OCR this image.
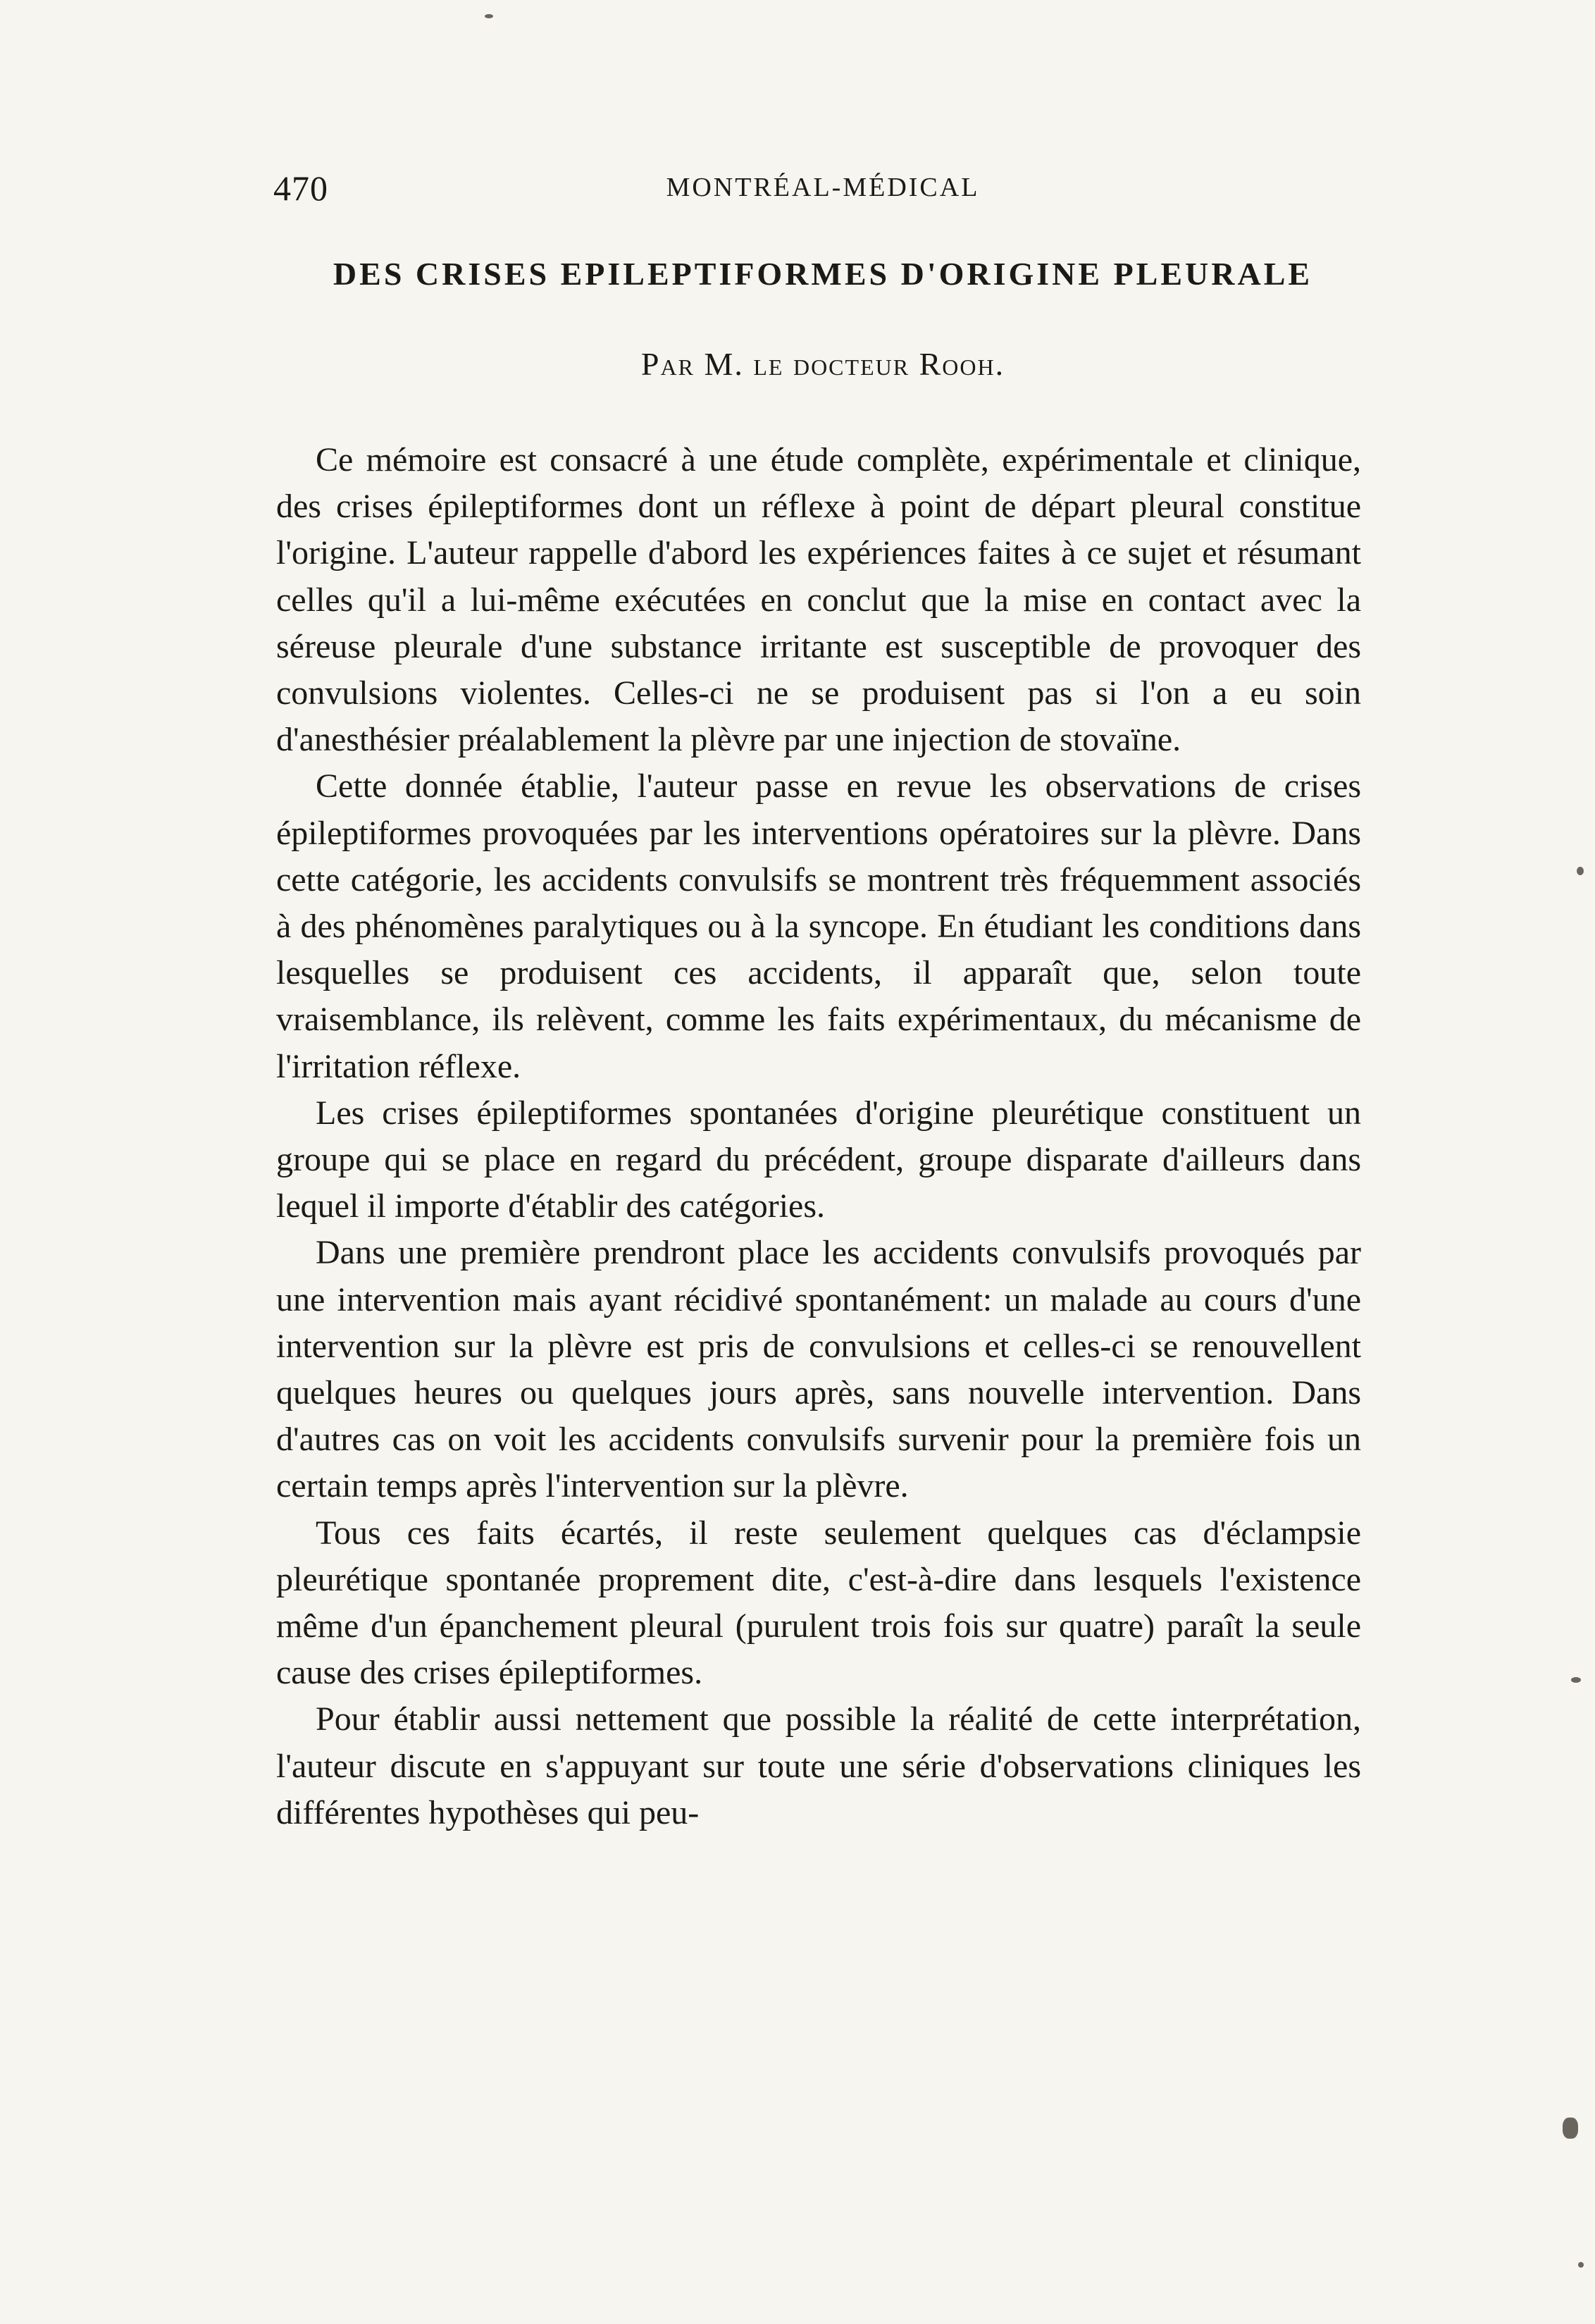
470	MONTRÉAL-MÉDICAL
DES CRISES EPILEPTIFORMES D'ORIGINE PLEURALE
Par M. le docteur Rooh.

Ce mémoire est consacré à une étude complète, expérimentale et clinique, des crises épileptiformes dont un réflexe à point de départ pleural constitue l'origine. L'auteur rappelle d'abord les expériences faites à ce sujet et résumant celles qu'il a lui-même exécutées en conclut que la mise en contact avec la séreuse pleurale d'une substance irritante est susceptible de provoquer des convulsions violentes. Celles-ci ne se produisent pas si l'on a eu soin d'anesthésier préalablement la plèvre par une injection de stovaïne.

Cette donnée établie, l'auteur passe en revue les observations de crises épileptiformes provoquées par les interventions opératoires sur la plèvre. Dans cette catégorie, les accidents convulsifs se montrent très fréquemment associés à des phénomènes paralytiques ou à la syncope. En étudiant les conditions dans lesquelles se produisent ces accidents, il apparaît que, selon toute vraisemblance, ils relèvent, comme les faits expérimentaux, du mécanisme de l'irritation réflexe.

Les crises épileptiformes spontanées d'origine pleurétique constituent un groupe qui se place en regard du précédent, groupe disparate d'ailleurs dans lequel il importe d'établir des catégories.

Dans une première prendront place les accidents convulsifs provoqués par une intervention mais ayant récidivé spontanément: un malade au cours d'une intervention sur la plèvre est pris de convulsions et celles-ci se renouvellent quelques heures ou quelques jours après, sans nouvelle intervention. Dans d'autres cas on voit les accidents convulsifs survenir pour la première fois un certain temps après l'intervention sur la plèvre.

Tous ces faits écartés, il reste seulement quelques cas d'éclampsie pleurétique spontanée proprement dite, c'est-à-dire dans lesquels l'existence même d'un épanchement pleural (purulent trois fois sur quatre) paraît la seule cause des crises épileptiformes.

Pour établir aussi nettement que possible la réalité de cette interprétation, l'auteur discute en s'appuyant sur toute une série d'observations cliniques les différentes hypothèses qui peu-
